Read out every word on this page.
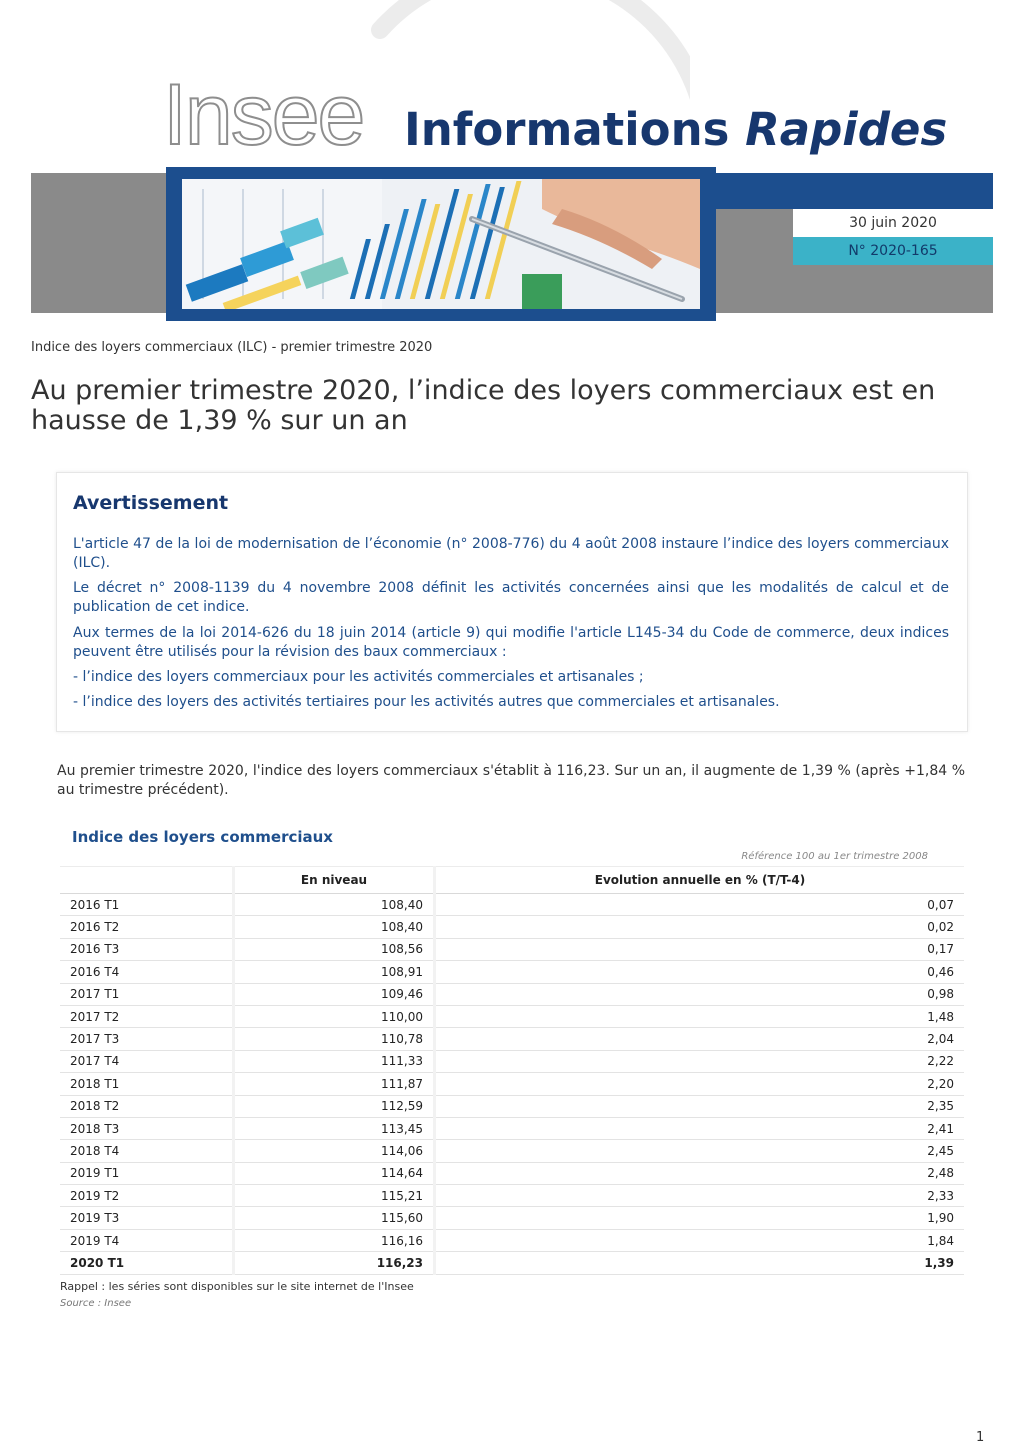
Insee Informations Rapides
30 juin 2020
N° 2020-165
Indice des loyers commerciaux (ILC) - premier trimestre 2020
Au premier trimestre 2020, l’indice des loyers commerciaux est en hausse de 1,39 % sur un an
Avertissement
L'article 47 de la loi de modernisation de l’économie (n° 2008-776) du 4 août 2008 instaure l’indice des loyers commerciaux (ILC).
Le décret n° 2008-1139 du 4 novembre 2008 définit les activités concernées ainsi que les modalités de calcul et de publication de cet indice.
Aux termes de la loi 2014-626 du 18 juin 2014 (article 9) qui modifie l'article L145-34 du Code de commerce, deux indices peuvent être utilisés pour la révision des baux commerciaux :
- l’indice des loyers commerciaux pour les activités commerciales et artisanales ;
- l’indice des loyers des activités tertiaires pour les activités autres que commerciales et artisanales.
Au premier trimestre 2020, l'indice des loyers commerciaux s'établit à 116,23. Sur un an, il augmente de 1,39 % (après +1,84 % au trimestre précédent).
Indice des loyers commerciaux
Référence 100 au 1er trimestre 2008
	En niveau	Evolution annuelle en % (T/T-4)
2016 T1	108,40	0,07
2016 T2	108,40	0,02
2016 T3	108,56	0,17
2016 T4	108,91	0,46
2017 T1	109,46	0,98
2017 T2	110,00	1,48
2017 T3	110,78	2,04
2017 T4	111,33	2,22
2018 T1	111,87	2,20
2018 T2	112,59	2,35
2018 T3	113,45	2,41
2018 T4	114,06	2,45
2019 T1	114,64	2,48
2019 T2	115,21	2,33
2019 T3	115,60	1,90
2019 T4	116,16	1,84
2020 T1	116,23	1,39
Rappel : les séries sont disponibles sur le site internet de l'Insee
Source : Insee
1
